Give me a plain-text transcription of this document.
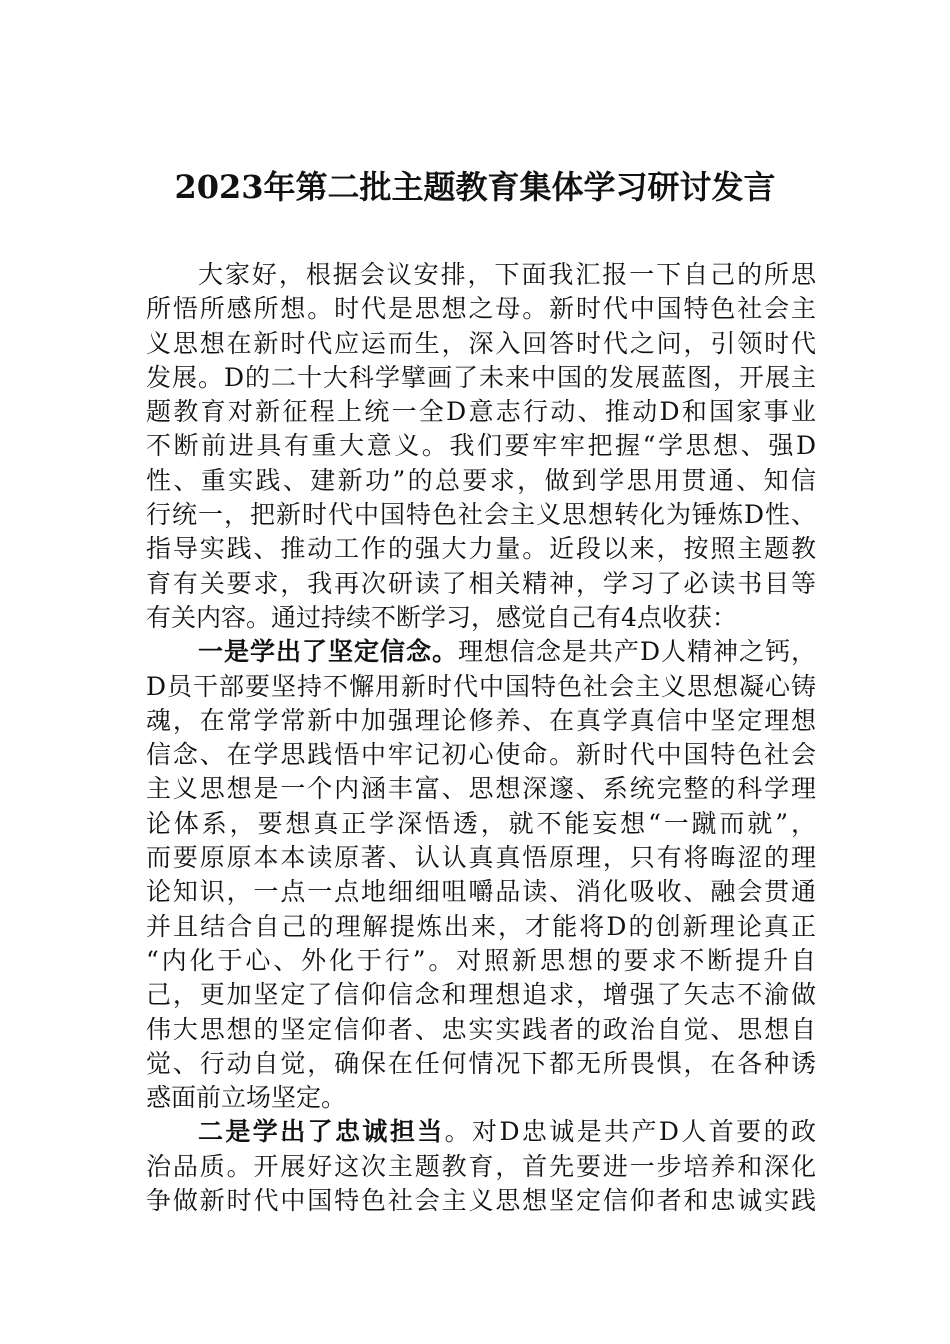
2023年第二批主题教育集体学习研讨发言
大家好，根据会议安排，下面我汇报一下自己的所思
所悟所感所想。时代是思想之母。新时代中国特色社会主
义思想在新时代应运而生，深入回答时代之问，引领时代
发展。D的二十大科学擘画了未来中国的发展蓝图，开展主
题教育对新征程上统一全D意志行动、推动D和国家事业
不断前进具有重大意义。我们要牢牢把握“学思想、强D
性、重实践、建新功”的总要求，做到学思用贯通、知信
行统一，把新时代中国特色社会主义思想转化为锤炼D性、
指导实践、推动工作的强大力量。近段以来，按照主题教
育有关要求，我再次研读了相关精神，学习了必读书目等
有关内容。通过持续不断学习，感觉自己有4点收获：
一是学出了坚定信念。理想信念是共产D人精神之钙，
D员干部要坚持不懈用新时代中国特色社会主义思想凝心铸
魂，在常学常新中加强理论修养、在真学真信中坚定理想
信念、在学思践悟中牢记初心使命。新时代中国特色社会
主义思想是一个内涵丰富、思想深邃、系统完整的科学理
论体系，要想真正学深悟透，就不能妄想“一蹴而就”，
而要原原本本读原著、认认真真悟原理，只有将晦涩的理
论知识，一点一点地细细咀嚼品读、消化吸收、融会贯通
并且结合自己的理解提炼出来，才能将D的创新理论真正
“内化于心、外化于行”。对照新思想的要求不断提升自
己，更加坚定了信仰信念和理想追求，增强了矢志不渝做
伟大思想的坚定信仰者、忠实实践者的政治自觉、思想自
觉、行动自觉，确保在任何情况下都无所畏惧，在各种诱
惑面前立场坚定。
二是学出了忠诚担当。对D忠诚是共产D人首要的政
治品质。开展好这次主题教育，首先要进一步培养和深化
争做新时代中国特色社会主义思想坚定信仰者和忠诚实践
